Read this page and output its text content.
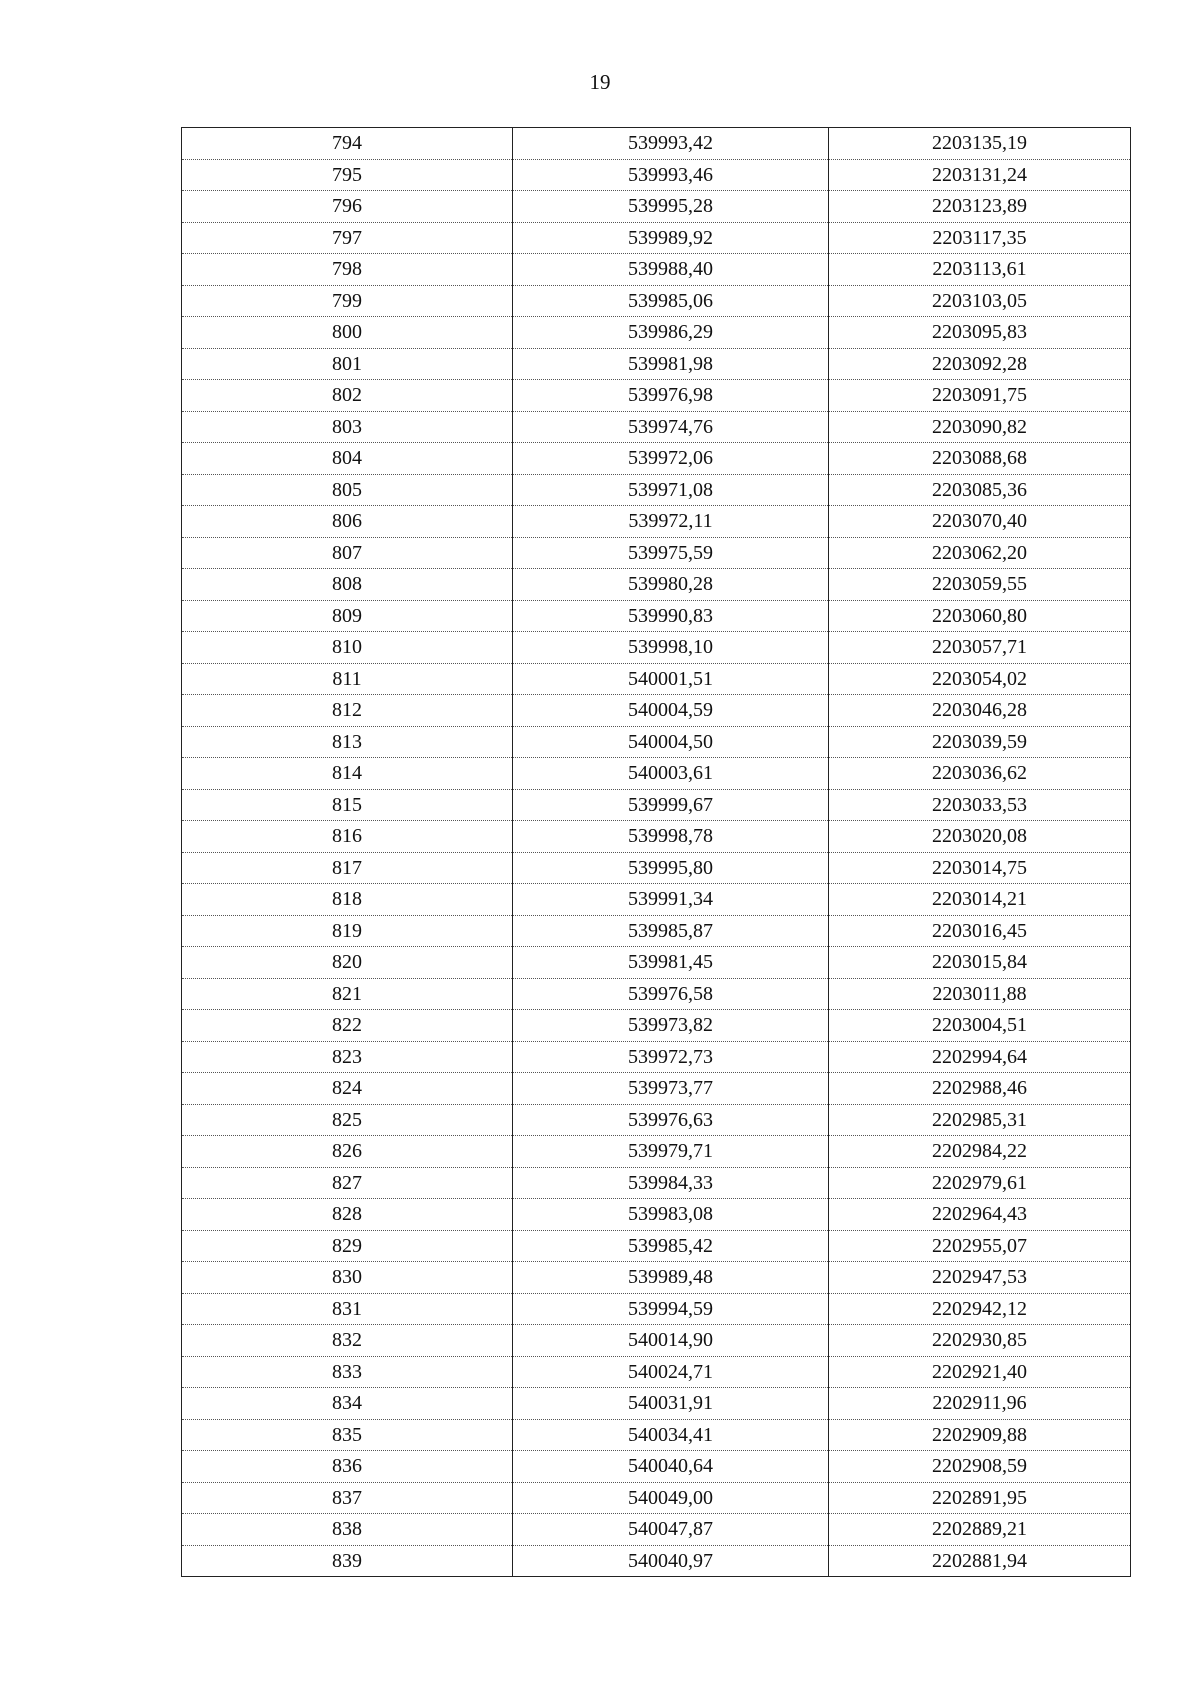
19
794	539993,42	2203135,19
795	539993,46	2203131,24
796	539995,28	2203123,89
797	539989,92	2203117,35
798	539988,40	2203113,61
799	539985,06	2203103,05
800	539986,29	2203095,83
801	539981,98	2203092,28
802	539976,98	2203091,75
803	539974,76	2203090,82
804	539972,06	2203088,68
805	539971,08	2203085,36
806	539972,11	2203070,40
807	539975,59	2203062,20
808	539980,28	2203059,55
809	539990,83	2203060,80
810	539998,10	2203057,71
811	540001,51	2203054,02
812	540004,59	2203046,28
813	540004,50	2203039,59
814	540003,61	2203036,62
815	539999,67	2203033,53
816	539998,78	2203020,08
817	539995,80	2203014,75
818	539991,34	2203014,21
819	539985,87	2203016,45
820	539981,45	2203015,84
821	539976,58	2203011,88
822	539973,82	2203004,51
823	539972,73	2202994,64
824	539973,77	2202988,46
825	539976,63	2202985,31
826	539979,71	2202984,22
827	539984,33	2202979,61
828	539983,08	2202964,43
829	539985,42	2202955,07
830	539989,48	2202947,53
831	539994,59	2202942,12
832	540014,90	2202930,85
833	540024,71	2202921,40
834	540031,91	2202911,96
835	540034,41	2202909,88
836	540040,64	2202908,59
837	540049,00	2202891,95
838	540047,87	2202889,21
839	540040,97	2202881,94
